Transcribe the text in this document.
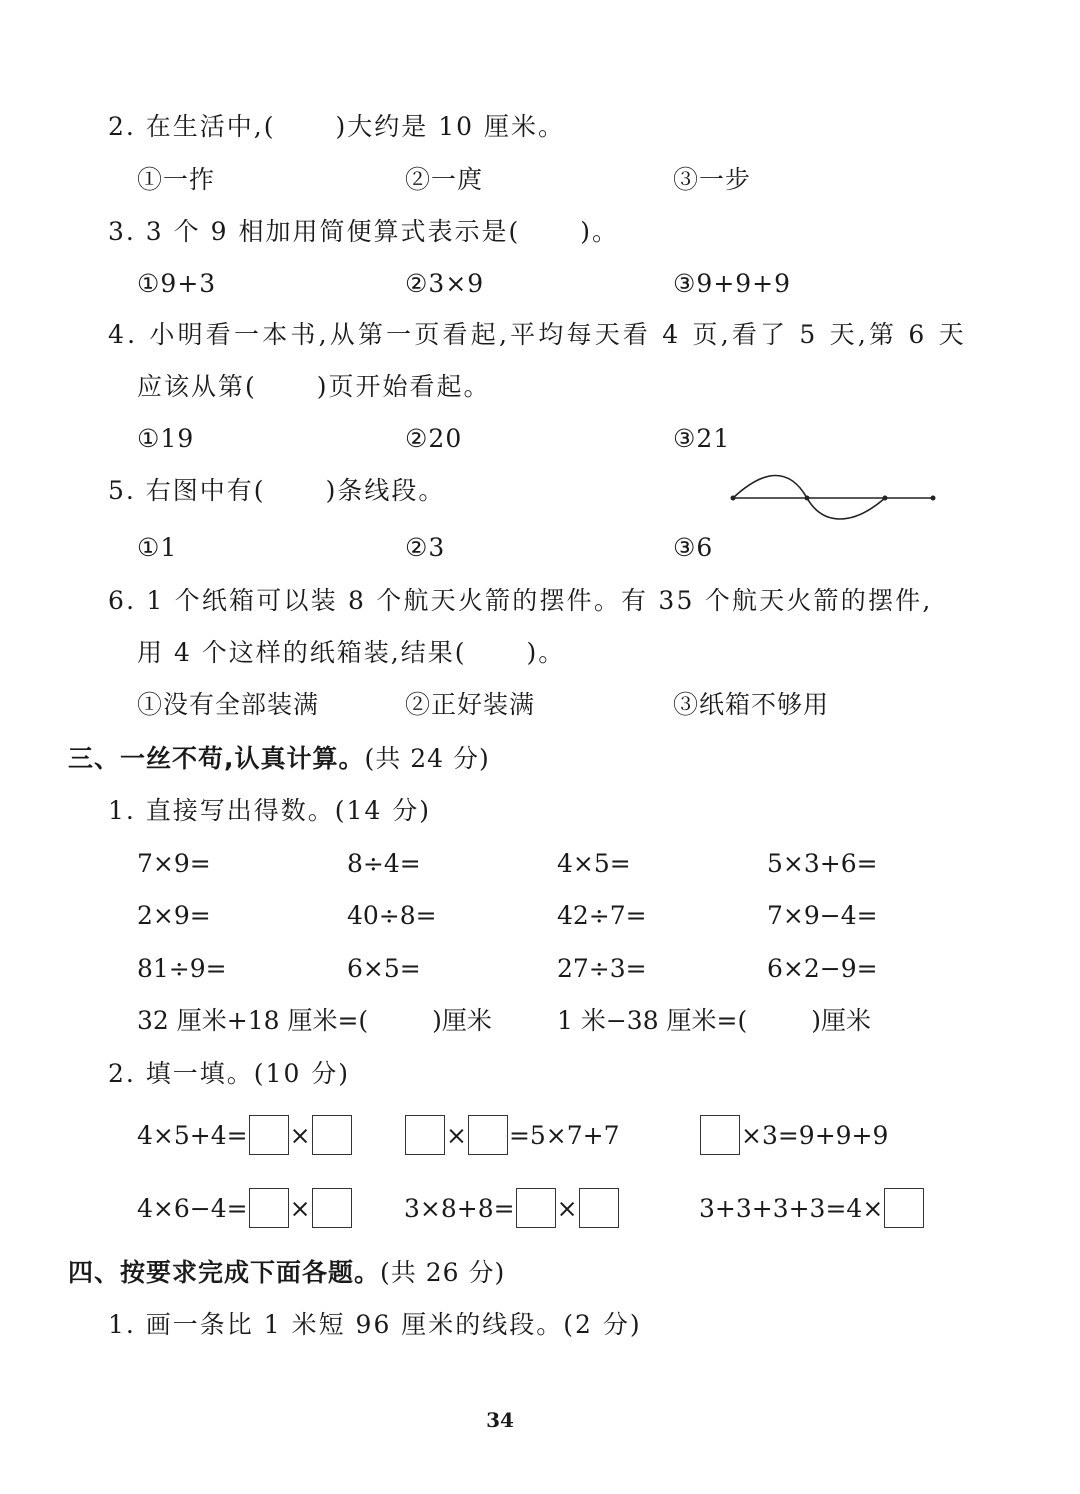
2. 在生活中,( )大约是 10 厘米。
①一拃	②一庹	③一步
3. 3 个 9 相加用简便算式表示是( )。
①9+3	②3×9	③9+9+9
4. 小明看一本书,从第一页看起,平均每天看 4 页,看了 5 天,第 6 天
应该从第( )页开始看起。
①19	②20	③21
5. 右图中有( )条线段。
①1	②3	③6
6. 1 个纸箱可以装 8 个航天火箭的摆件。有 35 个航天火箭的摆件,
用 4 个这样的纸箱装,结果( )。
①没有全部装满	②正好装满	③纸箱不够用
三、一丝不苟,认真计算。(共 24 分)
1. 直接写出得数。(14 分)
7×9=	8÷4=	4×5=	5×3+6=
2×9=	40÷8=	42÷7=	7×9−4=
81÷9=	6×5=	27÷3=	6×2−9=
32 厘米+18 厘米=(	)厘米	1 米−38 厘米=(	)厘米
2. 填一填。(10 分)
4×5+4= ×	× =5×7+7	×3=9+9+9
4×6−4= ×	3×8+8= ×	3+3+3+3=4×
四、按要求完成下面各题。(共 26 分)
1. 画一条比 1 米短 96 厘米的线段。(2 分)
34
